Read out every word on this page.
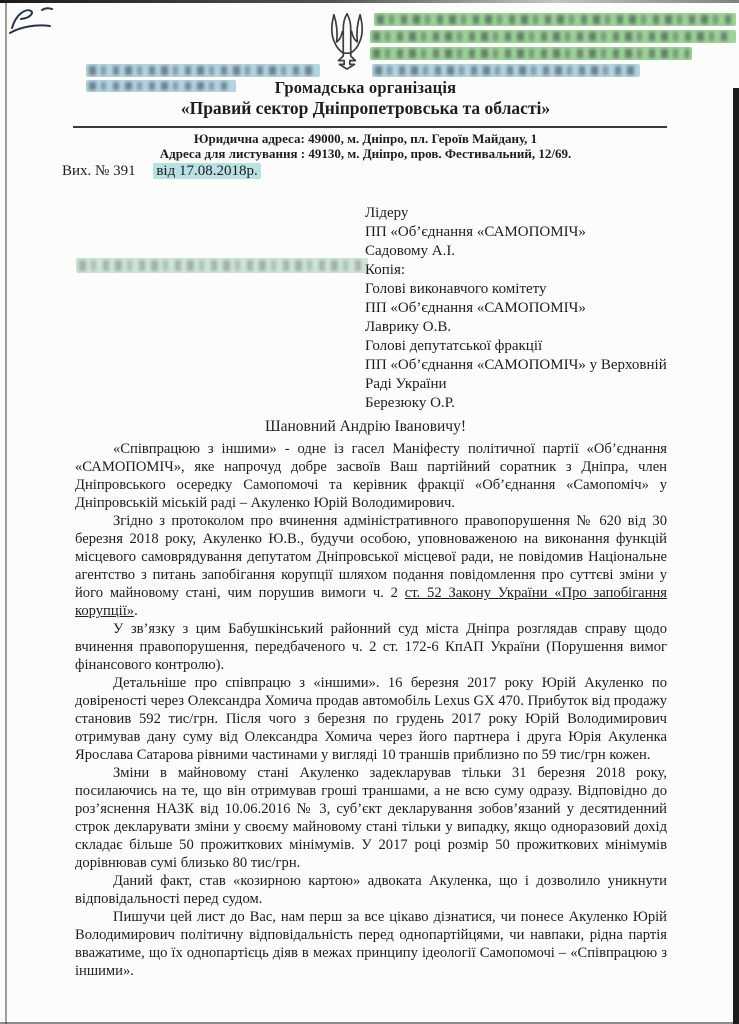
Громадська організація
«Правий сектор Дніпропетровська та області»
Юридична адреса: 49000, м. Дніпро, пл. Героїв Майдану, 1
Адреса для листування : 49130, м. Дніпро, пров. Фестивальний, 12/69.
Вих. № 391 від 17.08.2018р.
Лідеру
ПП «Об’єднання «САМОПОМІЧ»
Садовому А.І.
Копія:
Голові виконавчого комітету
ПП «Об’єднання «САМОПОМІЧ»
Лаврику О.В.
Голові депутатської фракції
ПП «Об’єднання «САМОПОМІЧ» у Верховній
Раді України
Березюку О.Р.
Шановний Андрію Івановичу!

«Співпрацюю з іншими» - одне із гасел Маніфесту політичної партії «Об’єднання «САМОПОМІЧ», яке напрочуд добре засвоїв Ваш партійний соратник з Дніпра, член Дніпровського осередку Самопомочі та керівник фракції «Об’єднання «Самопоміч» у Дніпровській міській раді – Акуленко Юрій Володимирович.

Згідно з протоколом про вчинення адміністративного правопорушення № 620 від 30 березня 2018 року, Акуленко Ю.В., будучи особою, уповноваженою на виконання функцій місцевого самоврядування депутатом Дніпровської місцевої ради, не повідомив Національне агентство з питань запобігання корупції шляхом подання повідомлення про суттєві зміни у його майновому стані, чим порушив вимоги ч. 2 ст. 52 Закону України «Про запобігання корупції».

У зв’язку з цим Бабушкінський районний суд міста Дніпра розглядав справу щодо вчинення правопорушення, передбаченого ч. 2 ст. 172-6 КпАП України (Порушення вимог фінансового контролю).

Детальніше про співпрацю з «іншими». 16 березня 2017 року Юрій Акуленко по довіреності через Олександра Хомича продав автомобіль Lexus GX 470. Прибуток від продажу становив 592 тис/грн. Після чого з березня по грудень 2017 року Юрій Володимирович отримував дану суму від Олександра Хомича через його партнера і друга Юрія Акуленка Ярослава Сатарова рівними частинами у вигляді 10 траншів приблизно по 59 тис/грн кожен.

Зміни в майновому стані Акуленко задекларував тільки 31 березня 2018 року, посилаючись на те, що він отримував гроші траншами, а не всю суму одразу. Відповідно до роз’яснення НАЗК від 10.06.2016 № 3, суб’єкт декларування зобов’язаний у десятиденний строк декларувати зміни у своєму майновому стані тільки у випадку, якщо одноразовий дохід складає більше 50 прожиткових мінімумів. У 2017 році розмір 50 прожиткових мінімумів дорівнював сумі близько 80 тис/грн.

Даний факт, став «козирною картою» адвоката Акуленка, що і дозволило уникнути відповідальності перед судом.

Пишучи цей лист до Вас, нам перш за все цікаво дізнатися, чи понесе Акуленко Юрій Володимирович політичну відповідальність перед однопартійцями, чи навпаки, рідна партія вважатиме, що їх однопартієць діяв в межах принципу ідеології Самопомочі – «Співпрацюю з іншими».
